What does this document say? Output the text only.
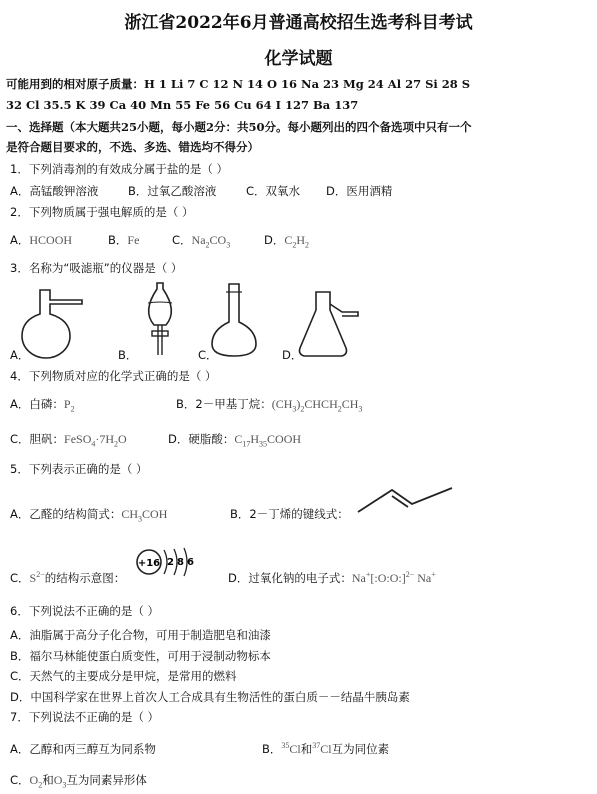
浙江省2022年6月普通高校招生选考科目考试
化学试题
可能用到的相对原子质量：H 1 Li 7 C 12 N 14 O 16 Na 23 Mg 24 Al 27 Si 28 S
32 Cl 35.5 K 39 Ca 40 Mn 55 Fe 56 Cu 64 I 127 Ba 137
一、选择题（本大题共25小题，每小题2分：共50分。每小题列出的四个备选项中只有一个
是符合题目要求的，不选、多选、错选均不得分）
1．下列消毒剂的有效成分属于盐的是（ ）
A．高锰酸钾溶液	B．过氧乙酸溶液	C．双氧水 D．医用酒精
2．下列物质属于强电解质的是（ ）
A．HCOOH	B．Fe	C．$Na_2CO_3$	D．$C_2H_2$
3．名称为“吸滤瓶”的仪器是（ ）
A．	B．	C．	D．
4．下列物质对应的化学式正确的是（ ）
A．白磷：$P_2$	B．2－甲基丁烷：$(CH_3)_2CHCH_2CH_3$
C．胆矾：$FeSO_4\cdot 7H_2O$	D．硬脂酸：$C_{17}H_{35}COOH$
5．下列表示正确的是（ ）
A．乙醛的结构简式：$CH_3COH$	B．2－丁烯的键线式：
C．$S^{2-}$的结构示意图：
+16 2 8 6
D．过氧化钠的电子式：Na+[:O:O:]$^{2-}$ Na+
6．下列说法不正确的是（ ）
A．油脂属于高分子化合物，可用于制造肥皂和油漆
B．福尔马林能使蛋白质变性，可用于浸制动物标本
C．天然气的主要成分是甲烷，是常用的燃料
D．中国科学家在世界上首次人工合成具有生物活性的蛋白质－－结晶牛胰岛素
7．下列说法不正确的是（ ）
A．乙醇和丙三醇互为同系物	B．$^{35}$Cl和$^{37}$Cl互为同位素
C．$O_2$和$O_3$互为同素异形体
